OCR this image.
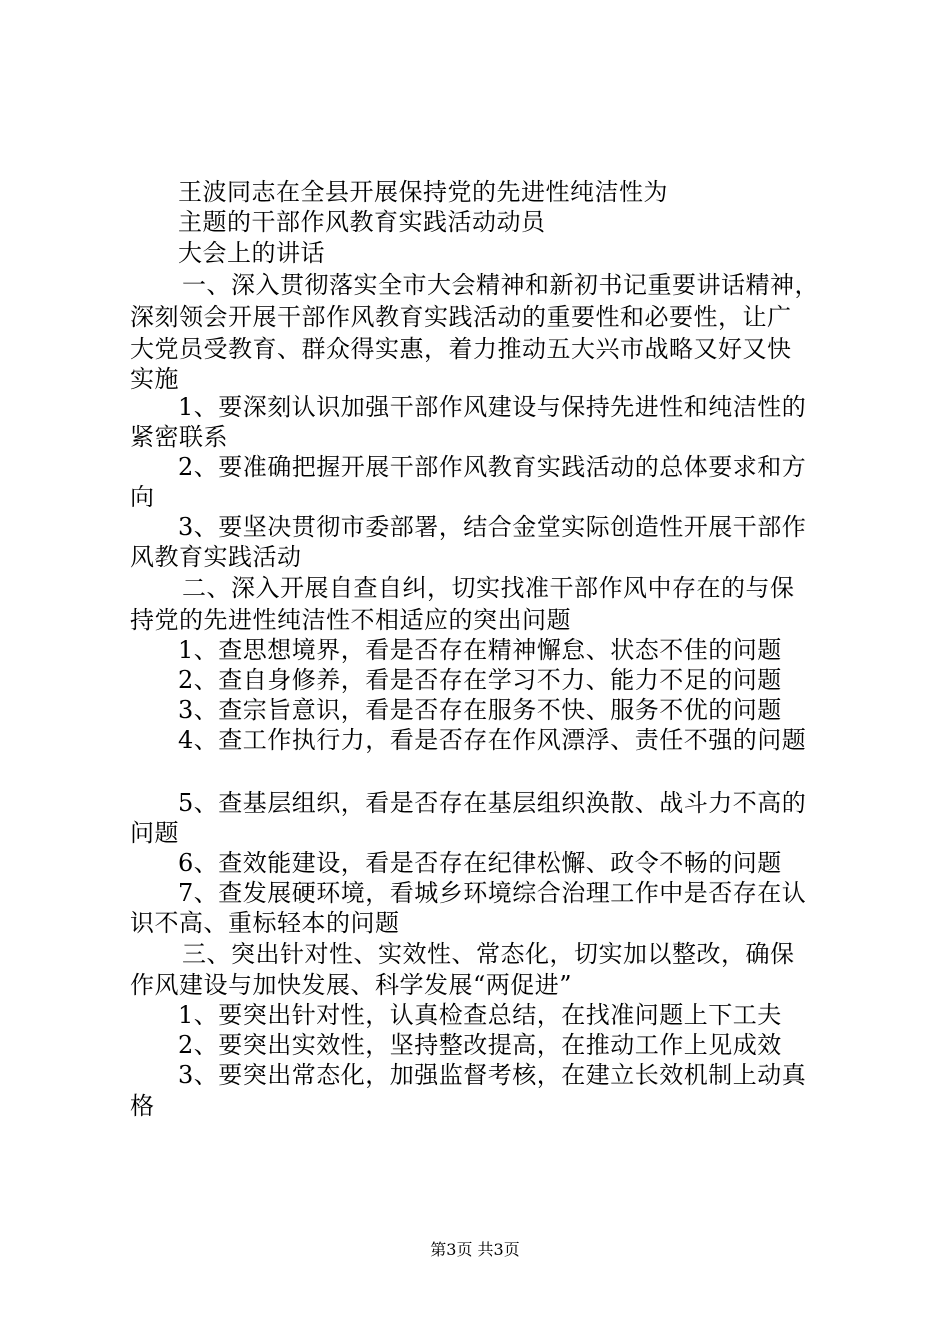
王波同志在全县开展保持党的先进性纯洁性为
主题的干部作风教育实践活动动员
大会上的讲话
一、深入贯彻落实全市大会精神和新初书记重要讲话精神，
深刻领会开展干部作风教育实践活动的重要性和必要性，让广
大党员受教育、群众得实惠，着力推动五大兴市战略又好又快
实施
1、要深刻认识加强干部作风建设与保持先进性和纯洁性的
紧密联系
2、要准确把握开展干部作风教育实践活动的总体要求和方
向
3、要坚决贯彻市委部署，结合金堂实际创造性开展干部作
风教育实践活动
二、深入开展自查自纠，切实找准干部作风中存在的与保
持党的先进性纯洁性不相适应的突出问题
1、查思想境界，看是否存在精神懈怠、状态不佳的问题
2、查自身修养，看是否存在学习不力、能力不足的问题
3、查宗旨意识，看是否存在服务不快、服务不优的问题
4、查工作执行力，看是否存在作风漂浮、责任不强的问题
5、查基层组织，看是否存在基层组织涣散、战斗力不高的
问题
6、查效能建设，看是否存在纪律松懈、政令不畅的问题
7、查发展硬环境，看城乡环境综合治理工作中是否存在认
识不高、重标轻本的问题
三、突出针对性、实效性、常态化，切实加以整改，确保
作风建设与加快发展、科学发展“两促进”
1、要突出针对性，认真检查总结，在找准问题上下工夫
2、要突出实效性，坚持整改提高，在推动工作上见成效
3、要突出常态化，加强监督考核，在建立长效机制上动真
格
第3页 共3页
